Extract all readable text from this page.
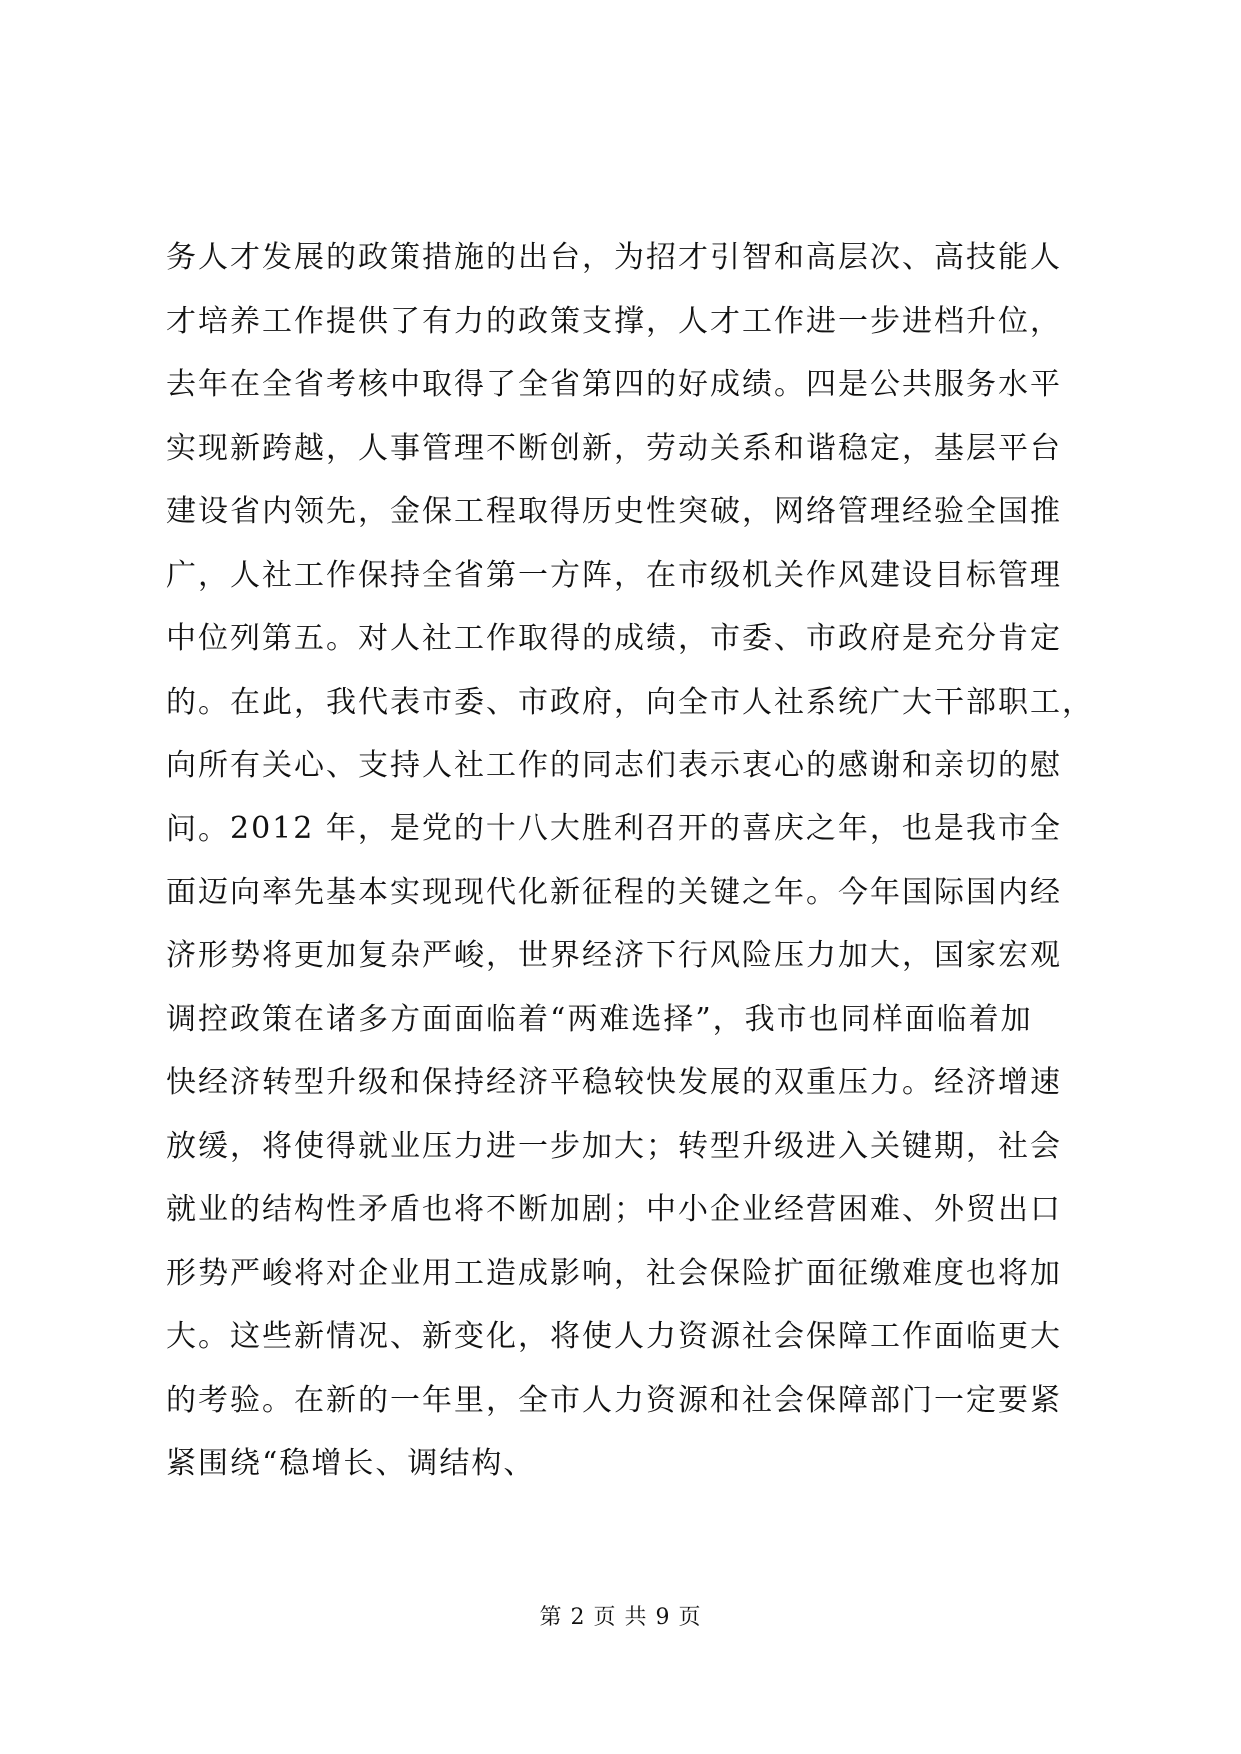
务人才发展的政策措施的出台，为招才引智和高层次、高技能人
才培养工作提供了有力的政策支撑，人才工作进一步进档升位，
去年在全省考核中取得了全省第四的好成绩。四是公共服务水平
实现新跨越，人事管理不断创新，劳动关系和谐稳定，基层平台
建设省内领先，金保工程取得历史性突破，网络管理经验全国推
广，人社工作保持全省第一方阵，在市级机关作风建设目标管理
中位列第五。对人社工作取得的成绩，市委、市政府是充分肯定
的。在此，我代表市委、市政府，向全市人社系统广大干部职工，
向所有关心、支持人社工作的同志们表示衷心的感谢和亲切的慰
问。 2012 年，是党的十八大胜利召开的喜庆之年，也是我市全
面迈向率先基本实现现代化新征程的关键之年。今年国际国内经
济形势将更加复杂严峻，世界经济下行风险压力加大，国家宏观
调控政策在诸多方面面临着“两难选择”，我市也同样面临着加
快经济转型升级和保持经济平稳较快发展的双重压力。经济增速
放缓，将使得就业压力进一步加大；转型升级进入关键期，社会
就业的结构性矛盾也将不断加剧；中小企业经营困难、外贸出口
形势严峻将对企业用工造成影响，社会保险扩面征缴难度也将加
大。这些新情况、新变化，将使人力资源社会保障工作面临更大
的考验。在新的一年里，全市人力资源和社会保障部门一定要紧
紧围绕“稳增长、调结构、
第 2 页 共 9 页
